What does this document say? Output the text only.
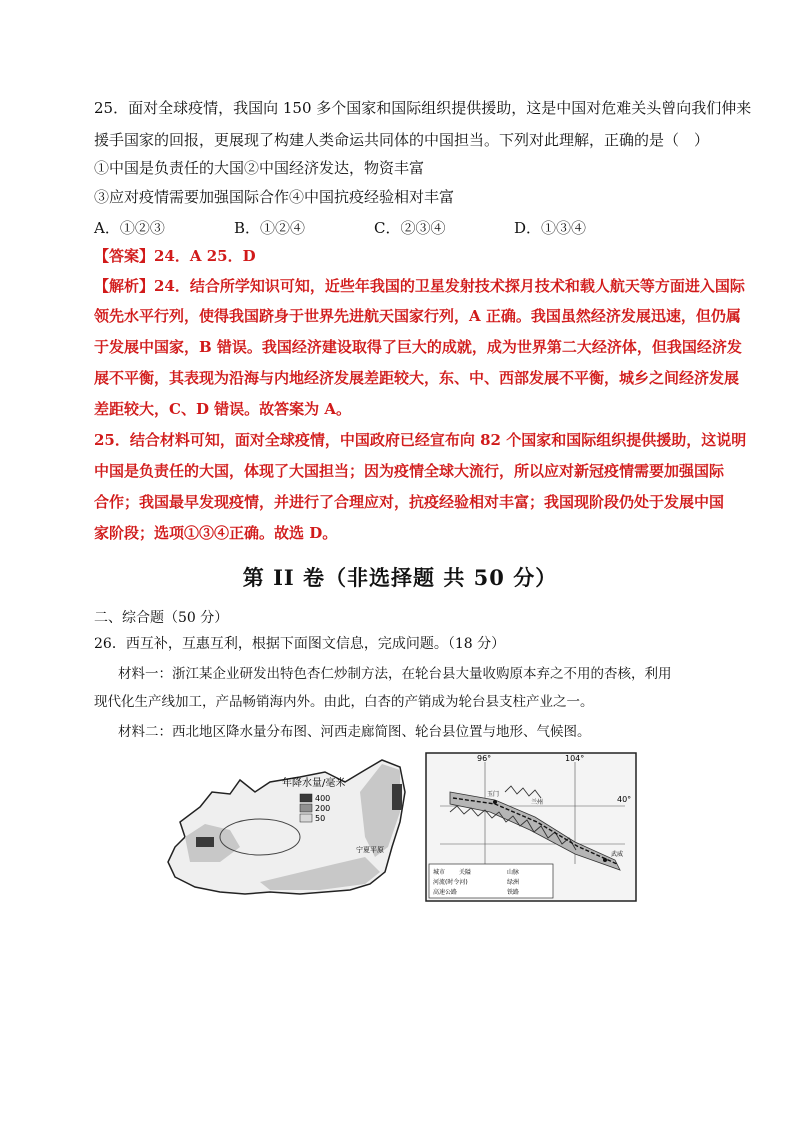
25．面对全球疫情，我国向 150 多个国家和国际组织提供援助，这是中国对危难关头曾向我们伸来
援手国家的回报，更展现了构建人类命运共同体的中国担当。下列对此理解，正确的是（　）
①中国是负责任的大国②中国经济发达，物资丰富
③应对疫情需要加强国际合作④中国抗疫经验相对丰富
A．①②③	B．①②④	C．②③④	D．①③④
【答案】24．A 25．D
【解析】24．结合所学知识可知，近些年我国的卫星发射技术探月技术和载人航天等方面进入国际
领先水平行列，使得我国跻身于世界先进航天国家行列，A 正确。我国虽然经济发展迅速，但仍属
于发展中国家，B 错误。我国经济建设取得了巨大的成就，成为世界第二大经济体，但我国经济发
展不平衡，其表现为沿海与内地经济发展差距较大，东、中、西部发展不平衡，城乡之间经济发展
差距较大，C、D 错误。故答案为 A。
25．结合材料可知，面对全球疫情，中国政府已经宣布向 82 个国家和国际组织提供援助，这说明
中国是负责任的大国，体现了大国担当；因为疫情全球大流行，所以应对新冠疫情需要加强国际
合作；我国最早发现疫情，并进行了合理应对，抗疫经验相对丰富；我国现阶段仍处于发展中国
家阶段；选项①③④正确。故选 D。
第 II 卷（非选择题 共 50 分）
二、综合题（50 分）
26．西互补，互惠互利，根据下面图文信息，完成问题。（18 分）
材料一：浙江某企业研发出特色杏仁炒制方法，在轮台县大量收购原本弃之不用的杏核，利用
现代化生产线加工，产品畅销海内外。由此，白杏的产销成为轮台县支柱产业之一。
材料二：西北地区降水量分布图、河西走廊简图、轮台县位置与地形、气候图。
年降水量/毫米
400
200
50
宁夏平原
96°	104°
40°
玉门
兰州
武威
城市 关隘	山脉
河流(时令河)	绿洲
高速公路	铁路
